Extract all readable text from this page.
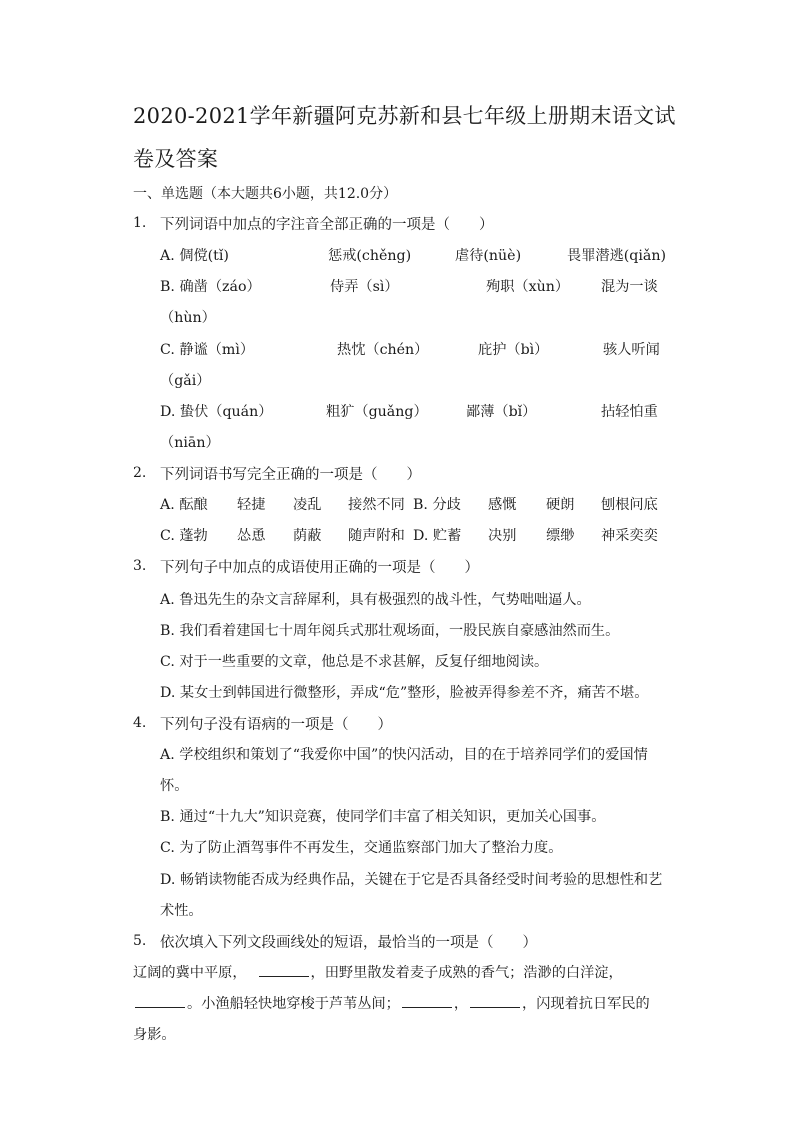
2020-2021学年新疆阿克苏新和县七年级上册期末语文试
卷及答案
一、单选题（本大题共6小题，共12.0分）
1. 下列词语中加点的字注音全部正确的一项是（　　）
A. 倜傥(tǐ)	惩戒(chěng)	虐待(nüè)	畏罪潜逃(qiǎn)
B. 确凿（záo）	侍弄（sì）	殉职（xùn） 混为一谈
（hùn）
C. 静谧（mì）	热忱（chén）	庇护（bì）	骇人听闻
（gǎi）
D. 蛰伏（quán）	粗犷（guǎng）	鄙薄（bǐ）	拈轻怕重
（niān）
2. 下列词语书写完全正确的一项是（　　）
A. 酝酿 轻捷 凌乱 接然不同 B. 分歧 感慨 硬朗 刨根问底
C. 蓬勃 怂恿 荫蔽 随声附和 D. 贮蓄 决别 缥缈 神采奕奕
3. 下列句子中加点的成语使用正确的一项是（　　）
A. 鲁迅先生的杂文言辞犀利，具有极强烈的战斗性，气势咄咄逼人。
B. 我们看着建国七十周年阅兵式那壮观场面，一股民族自豪感油然而生。
C. 对于一些重要的文章，他总是不求甚解，反复仔细地阅读。
D. 某女士到韩国进行微整形，弄成“危”整形，脸被弄得参差不齐，痛苦不堪。
4. 下列句子没有语病的一项是（　　）
A. 学校组织和策划了“我爱你中国”的快闪活动，目的在于培养同学们的爱国情
怀。
B. 通过“十九大”知识竞赛，使同学们丰富了相关知识，更加关心国事。
C. 为了防止酒驾事件不再发生，交通监察部门加大了整治力度。
D. 畅销读物能否成为经典作品，关键在于它是否具备经受时间考验的思想性和艺
术性。
5. 依次填入下列文段画线处的短语，最恰当的一项是（　　）
辽阔的冀中平原，	，田野里散发着麦子成熟的香气；浩渺的白洋淀，
。小渔船轻快地穿梭于芦苇丛间；	，	，闪现着抗日军民的
身影。
